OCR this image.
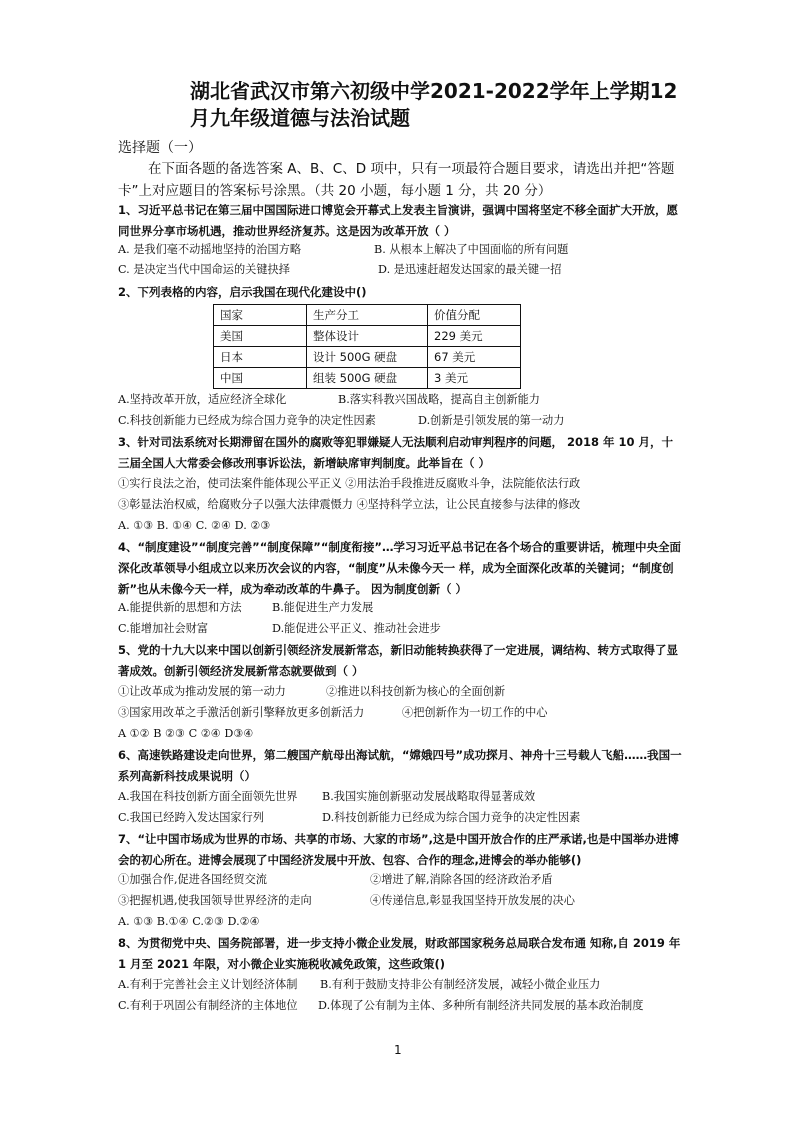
湖北省武汉市第六初级中学2021-2022学年上学期12
月九年级道德与法治试题
选择题（一）
在下面各题的备选答案 A、B、C、D 项中，只有一项最符合题目要求，请选出并把“答题卡”上对应题目的答案标号涂黑。（共 20 小题，每小题 1 分，共 20 分）
1、习近平总书记在第三届中国国际进口博览会开幕式上发表主旨演讲，强调中国将坚定不移全面扩大开放，愿同世界分享市场机遇，推动世界经济复苏。这是因为改革开放（ ）
A. 是我们毫不动摇地坚持的治国方略	B. 从根本上解决了中国面临的所有问题
C. 是决定当代中国命运的关键抉择	D. 是迅速赶超发达国家的最关键一招
2、下列表格的内容，启示我国在现代化建设中()
国家	生产分工	价值分配
美国	整体设计	229 美元
日本	设计 500G 硬盘	67 美元
中国	组装 500G 硬盘	3 美元
A.坚持改革开放，适应经济全球化	B.落实科教兴国战略，提高自主创新能力
C.科技创新能力已经成为综合国力竞争的决定性因素	D.创新是引领发展的第一动力
3、针对司法系统对长期滞留在国外的腐败等犯罪嫌疑人无法顺利启动审判程序的问题， 2018 年 10 月，十三届全国人大常委会修改刑事诉讼法，新增缺席审判制度。此举旨在（ ）
①实行良法之治，使司法案件能体现公平正义 ②用法治手段推进反腐败斗争，法院能依法行政
③彰显法治权威，给腐败分子以强大法律震慑力 ④坚持科学立法，让公民直接参与法律的修改
A. ①③ B. ①④ C. ②④ D. ②③
4、“制度建设”“制度完善”“制度保障”“制度衔接”…学习习近平总书记在各个场合的重要讲话，梳理中央全面深化改革领导小组成立以来历次会议的内容，“制度”从未像今天一 样，成为全面深化改革的关键词；“制度创新”也从未像今天一样，成为牵动改革的牛鼻子。 因为制度创新（ ）
A.能提供新的思想和方法	B.能促进生产力发展
C.能增加社会财富	D.能促进公平正义、推动社会进步
5、党的十九大以来中国以创新引领经济发展新常态，新旧动能转换获得了一定进展，调结构、转方式取得了显著成效。创新引领经济发展新常态就要做到（ ）
①让改革成为推动发展的第一动力	②推进以科技创新为核心的全面创新
③国家用改革之手激活创新引擎释放更多创新活力	④把创新作为一切工作的中心
A ①② B ②③ C ②④ D③④
6、高速铁路建设走向世界，第二艘国产航母出海试航，“嫦娥四号”成功探月、神舟十三号载人飞船……我国一系列高新科技成果说明（）
A.我国在科技创新方面全面领先世界 B.我国实施创新驱动发展战略取得显著成效
C.我国已经跨入发达国家行列	D.科技创新能力已经成为综合国力竞争的决定性因素
7、“让中国市场成为世界的市场、共享的市场、大家的市场”,这是中国开放合作的庄严承诺,也是中国举办进博会的初心所在。进博会展现了中国经济发展中开放、包容、合作的理念,进博会的举办能够()
①加强合作,促进各国经贸交流	②增进了解,消除各国的经济政治矛盾
③把握机遇,使我国领导世界经济的走向	④传递信息,彰显我国坚持开放发展的决心
A. ①③ B.①④ C.②③ D.②④
8、为贯彻党中央、国务院部署，进一步支持小微企业发展，财政部国家税务总局联合发布通 知称,自 2019 年 1 月至 2021 年限，对小微企业实施税收减免政策，这些政策()
A.有利于完善社会主义计划经济体制 B.有利于鼓励支持非公有制经济发展，减轻小微企业压力
C.有利于巩固公有制经济的主体地位 D.体现了公有制为主体、多种所有制经济共同发展的基本政治制度
1
